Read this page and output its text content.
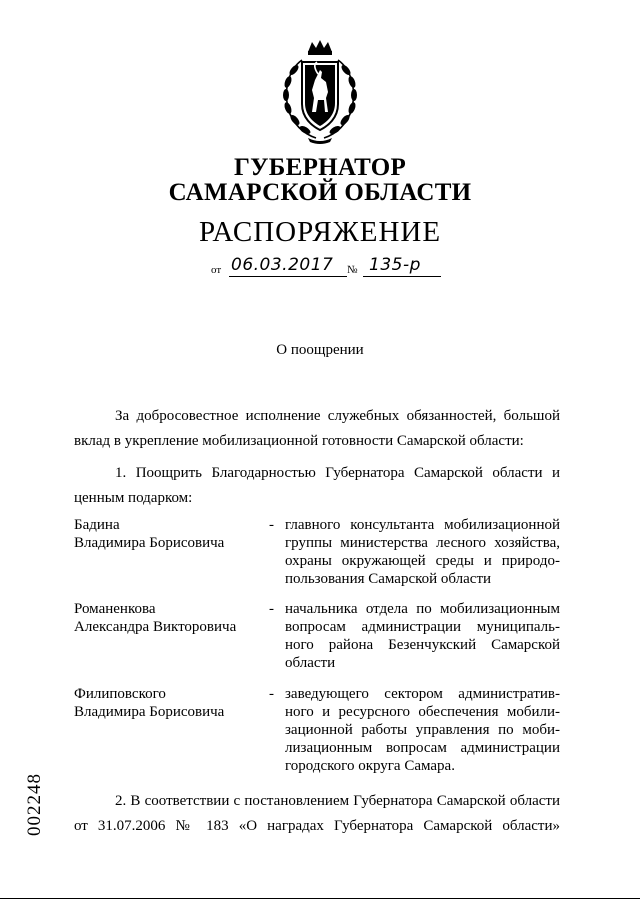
ГУБЕРНАТОР
САМАРСКОЙ ОБЛАСТИ
РАСПОРЯЖЕНИЕ
от 06.03.2017 № 135-р
О поощрении
За добросовестное исполнение служебных обязанностей, большой
вклад в укрепление мобилизационной готовности Самарской области:
1. Поощрить Благодарностью Губернатора Самарской области и
ценным подарком:
Бадина
Владимира Борисовича
- главного консультанта мобилизационной
группы министерства лесного хозяйства,
охраны окружающей среды и природо-
пользования Самарской области
Романенкова
Александра Викторовича
- начальника отдела по мобилизационным
вопросам администрации муниципаль-
ного района Безенчукский Самарской
области
Филиповского
Владимира Борисовича
- заведующего сектором административ-
ного и ресурсного обеспечения мобили-
зационной работы управления по моби-
лизационным вопросам администрации
городского округа Самара.
2. В соответствии с постановлением Губернатора Самарской области
от 31.07.2006 № 183 «О наградах Губернатора Самарской области»
002248
